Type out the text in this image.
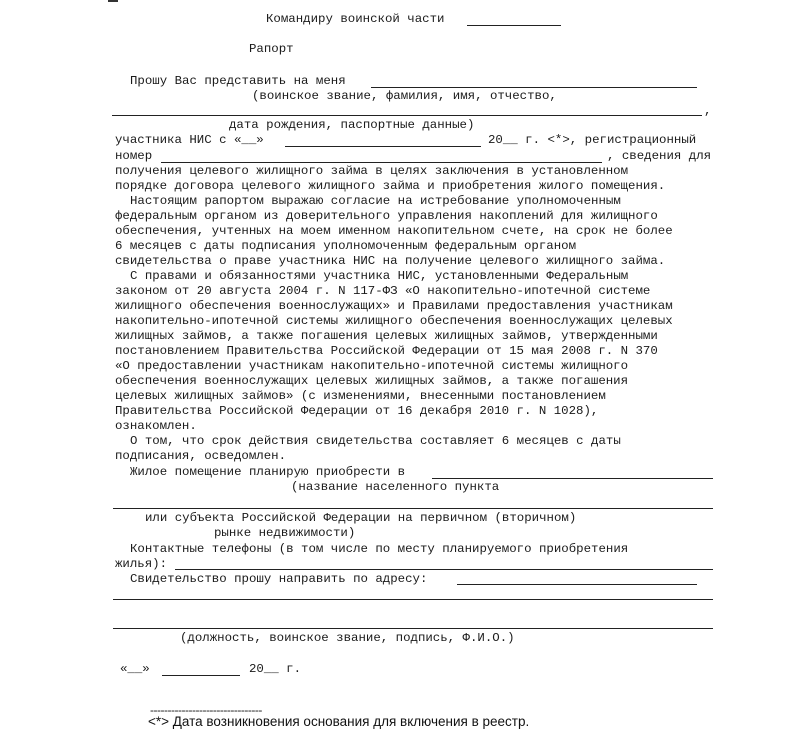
Командиру воинской части
Рапорт
Прошу Вас представить на меня
(воинское звание, фамилия, имя, отчество,
,
дата рождения, паспортные данные)
участника НИС с «__»	20__ г. <*>, регистрационный
номер	, сведения для
получения целевого жилищного займа в целях заключения в установленном
порядке договора целевого жилищного займа и приобретения жилого помещения.
Настоящим рапортом выражаю согласие на истребование уполномоченным
федеральным органом из доверительного управления накоплений для жилищного
обеспечения, учтенных на моем именном накопительном счете, на срок не более
6 месяцев с даты подписания уполномоченным федеральным органом
свидетельства о праве участника НИС на получение целевого жилищного займа.
С правами и обязанностями участника НИС, установленными Федеральным
законом от 20 августа 2004 г. N 117-ФЗ «О накопительно-ипотечной системе
жилищного обеспечения военнослужащих» и Правилами предоставления участникам
накопительно-ипотечной системы жилищного обеспечения военнослужащих целевых
жилищных займов, а также погашения целевых жилищных займов, утвержденными
постановлением Правительства Российской Федерации от 15 мая 2008 г. N 370
«О предоставлении участникам накопительно-ипотечной системы жилищного
обеспечения военнослужащих целевых жилищных займов, а также погашения
целевых жилищных займов» (с изменениями, внесенными постановлением
Правительства Российской Федерации от 16 декабря 2010 г. N 1028),
ознакомлен.
О том, что срок действия свидетельства составляет 6 месяцев с даты
подписания, осведомлен.
Жилое помещение планирую приобрести в
(название населенного пункта
или субъекта Российской Федерации на первичном (вторичном)
рынке недвижимости)
Контактные телефоны (в том числе по месту планируемого приобретения
жилья):
Свидетельство прошу направить по адресу:
(должность, воинское звание, подпись, Ф.И.О.)
«__»	20__ г.
--------------------------------
<*> Дата возникновения основания для включения в реестр.
